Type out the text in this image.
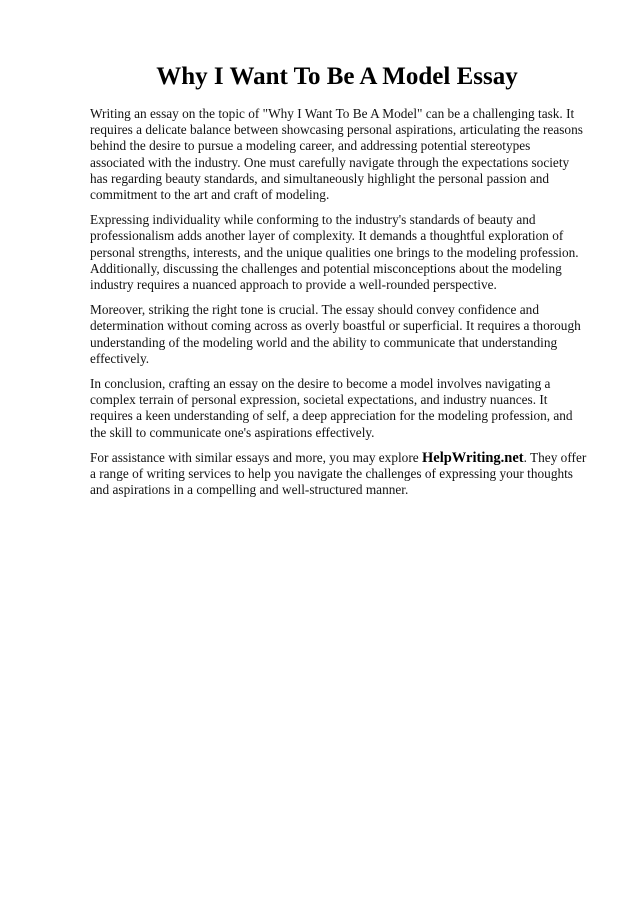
Why I Want To Be A Model Essay

Writing an essay on the topic of "Why I Want To Be A Model" can be a challenging task. It requires a delicate balance between showcasing personal aspirations, articulating the reasons behind the desire to pursue a modeling career, and addressing potential stereotypes associated with the industry. One must carefully navigate through the expectations society has regarding beauty standards, and simultaneously highlight the personal passion and commitment to the art and craft of modeling.

Expressing individuality while conforming to the industry's standards of beauty and professionalism adds another layer of complexity. It demands a thoughtful exploration of personal strengths, interests, and the unique qualities one brings to the modeling profession. Additionally, discussing the challenges and potential misconceptions about the modeling industry requires a nuanced approach to provide a well-rounded perspective.

Moreover, striking the right tone is crucial. The essay should convey confidence and determination without coming across as overly boastful or superficial. It requires a thorough understanding of the modeling world and the ability to communicate that understanding effectively.

In conclusion, crafting an essay on the desire to become a model involves navigating a complex terrain of personal expression, societal expectations, and industry nuances. It requires a keen understanding of self, a deep appreciation for the modeling profession, and the skill to communicate one's aspirations effectively.

For assistance with similar essays and more, you may explore HelpWriting.net. They offer a range of writing services to help you navigate the challenges of expressing your thoughts and aspirations in a compelling and well-structured manner.
